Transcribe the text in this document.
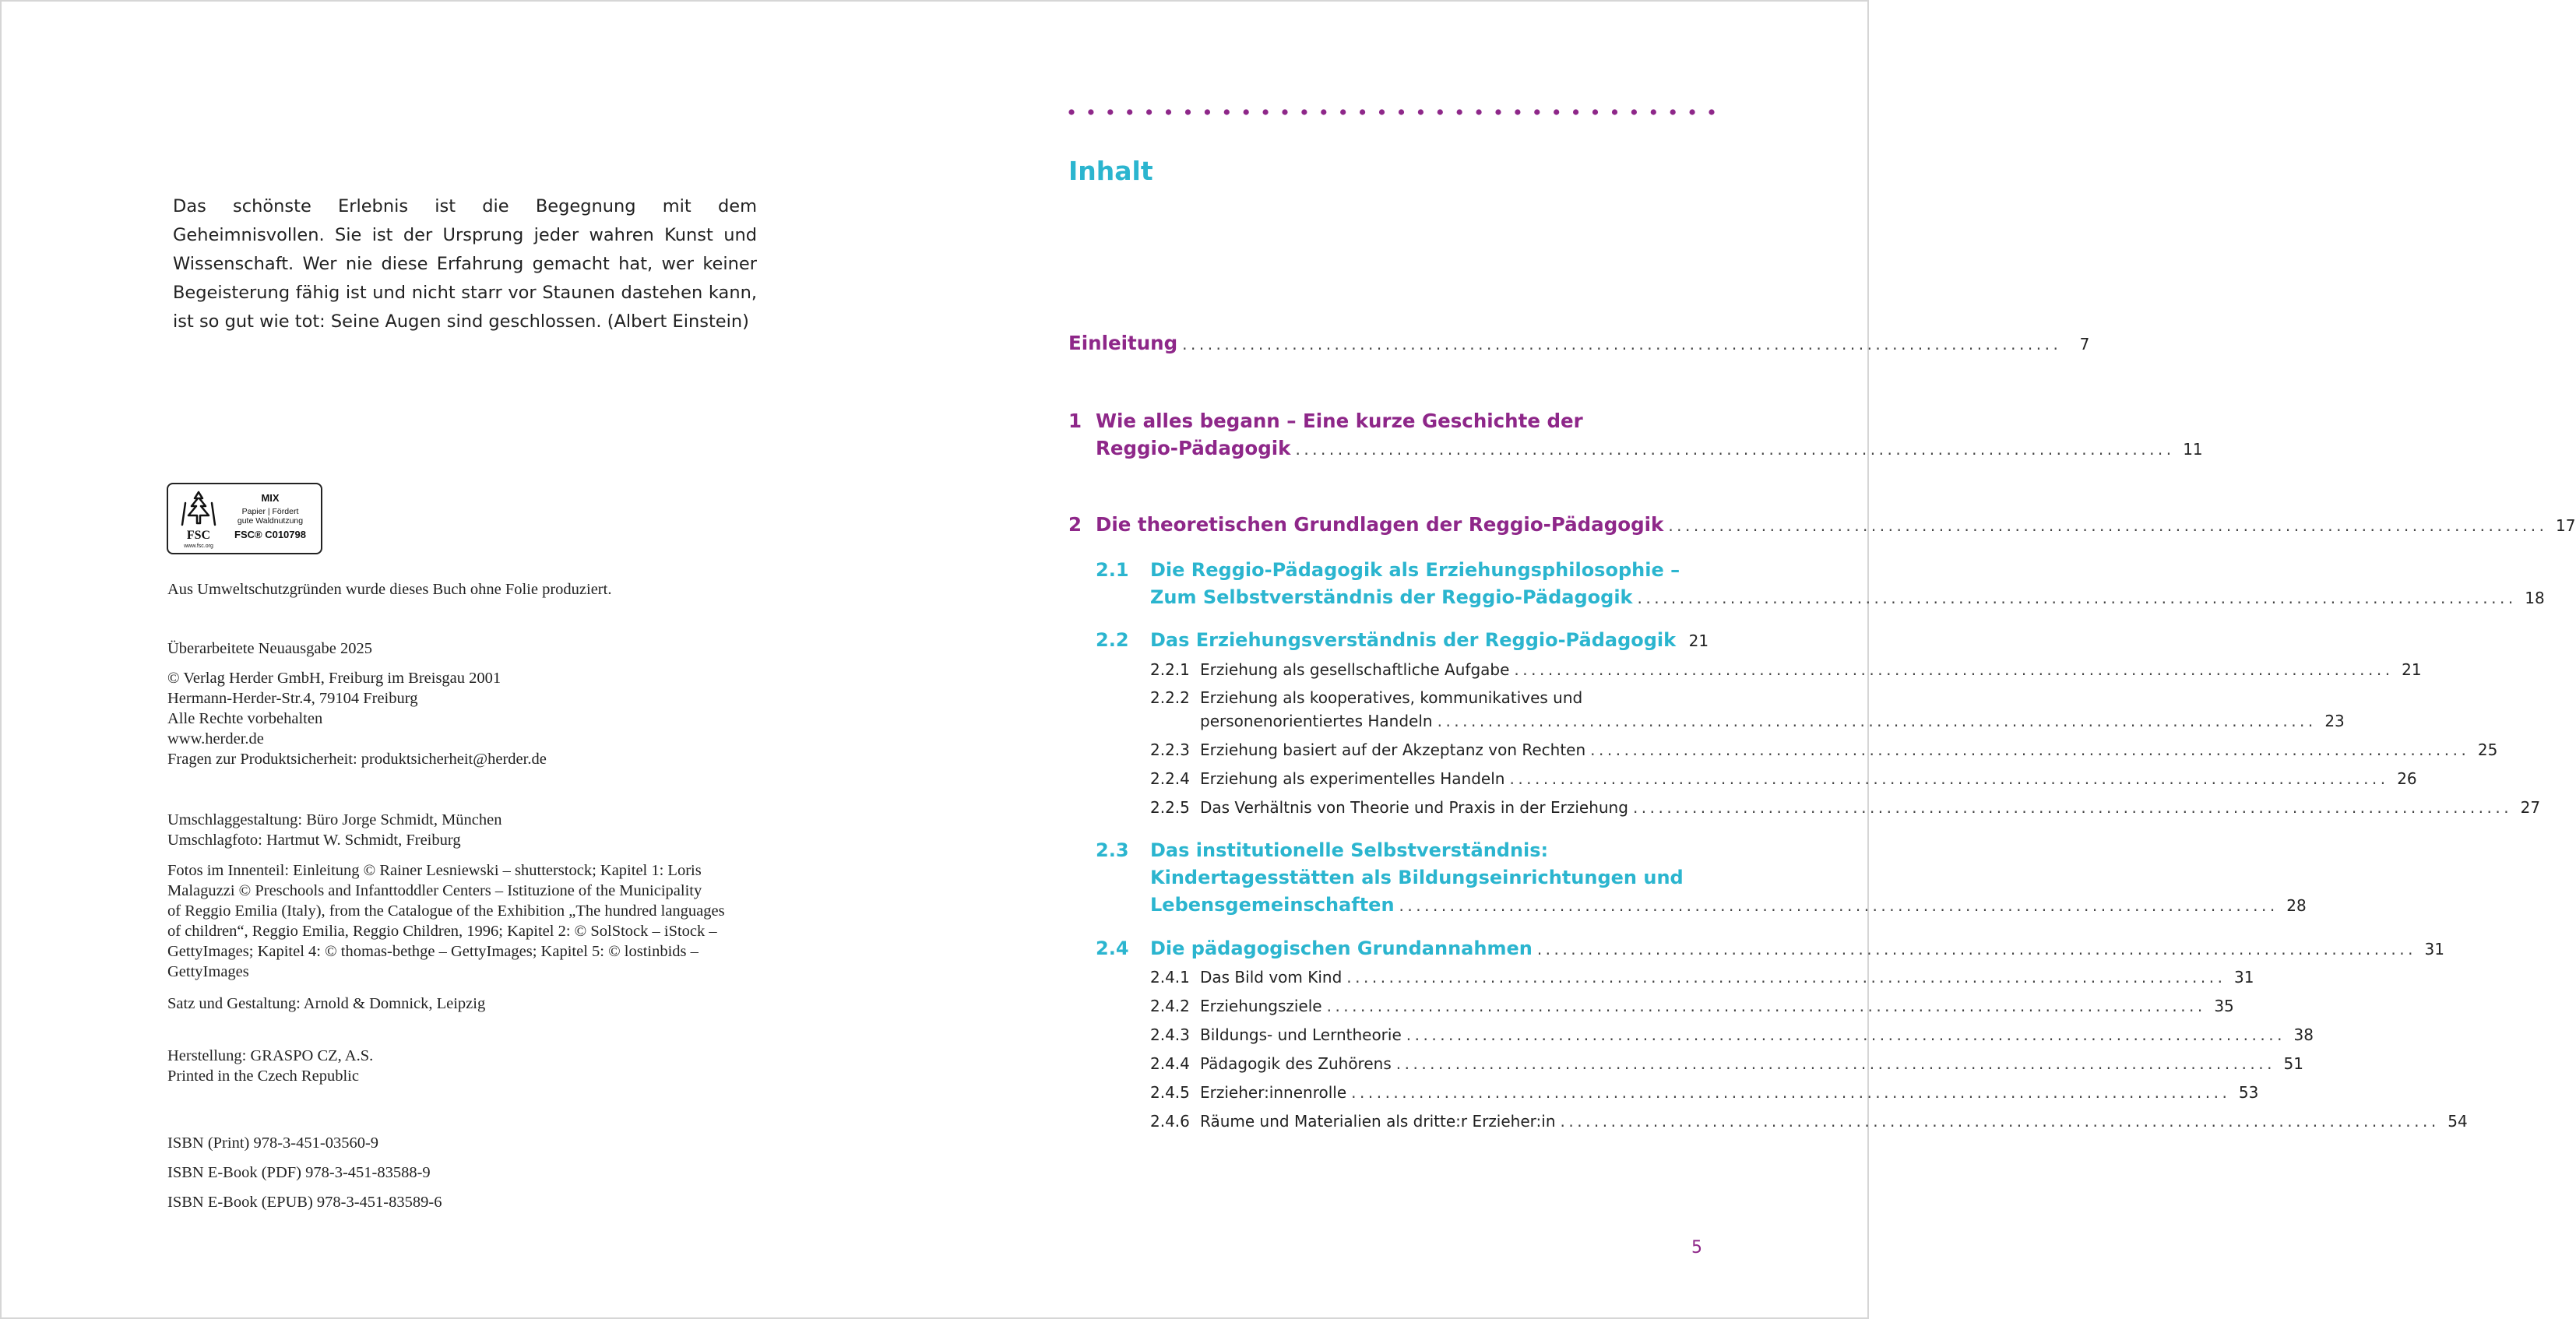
Das schönste Erlebnis ist die Begegnung mit dem Geheimnisvollen. Sie ist der Ursprung jeder wahren Kunst und Wissenschaft. Wer nie diese Erfahrung gemacht hat, wer keiner Begeisterung fähig ist und nicht starr vor Staunen dastehen kann, ist so gut wie tot: Seine Augen sind geschlossen. (Albert Einstein)
FSC
www.fsc.org
MIX
Papier | Fördert
gute Waldnutzung
FSC® C010798
Aus Umweltschutzgründen wurde dieses Buch ohne Folie produziert.
Überarbeitete Neuausgabe 2025
© Verlag Herder GmbH, Freiburg im Breisgau 2001
Hermann-Herder-Str.4, 79104 Freiburg
Alle Rechte vorbehalten
www.herder.de
Fragen zur Produktsicherheit: produktsicherheit@herder.de
Umschlaggestaltung: Büro Jorge Schmidt, München
Umschlagfoto: Hartmut W. Schmidt, Freiburg
Fotos im Innenteil: Einleitung © Rainer Lesniewski – shutterstock; Kapitel 1: Loris
Malaguzzi © Preschools and Infanttoddler Centers – Istituzione of the Municipality
of Reggio Emilia (Italy), from the Catalogue of the Exhibition „The hundred languages
of children“, Reggio Emilia, Reggio Children, 1996; Kapitel 2: © SolStock – iStock –
GettyImages; Kapitel 4: © thomas-bethge – GettyImages; Kapitel 5: © lostinbids –
GettyImages
Satz und Gestaltung: Arnold & Domnick, Leipzig
Herstellung: GRASPO CZ, A.S.
Printed in the Czech Republic
ISBN (Print) 978-3-451-03560-9
ISBN E-Book (PDF) 978-3-451-83588-9
ISBN E-Book (EPUB) 978-3-451-83589-6
Inhalt
Einleitung ........................................................................................................	7
1 Wie alles begann – Eine kurze Geschichte der
Reggio-Pädagogik ........................................................................................................ 11
2 Die theoretischen Grundlagen der Reggio-Pädagogik ........................................................................................................ 17
2.1 Die Reggio-Pädagogik als Erziehungsphilosophie –
Zum Selbstverständnis der Reggio-Pädagogik ........................................................................................................ 18
2.2 Das Erziehungsverständnis der Reggio-Pädagogik 21
2.2.1 Erziehung als gesellschaftliche Aufgabe ........................................................................................................ 21
2.2.2 Erziehung als kooperatives, kommunikatives und
personenorientiertes Handeln ........................................................................................................ 23
2.2.3 Erziehung basiert auf der Akzeptanz von Rechten ........................................................................................................ 25
2.2.4 Erziehung als experimentelles Handeln ........................................................................................................ 26
2.2.5 Das Verhältnis von Theorie und Praxis in der Erziehung ........................................................................................................ 27
2.3 Das institutionelle Selbstverständnis:
Kindertagesstätten als Bildungseinrichtungen und
Lebensgemeinschaften ........................................................................................................ 28
2.4 Die pädagogischen Grundannahmen ........................................................................................................ 31
2.4.1 Das Bild vom Kind ........................................................................................................ 31
2.4.2 Erziehungsziele ........................................................................................................ 35
2.4.3 Bildungs- und Lerntheorie ........................................................................................................ 38
2.4.4 Pädagogik des Zuhörens ........................................................................................................ 51
2.4.5 Erzieher:innenrolle ........................................................................................................ 53
2.4.6 Räume und Materialien als dritte:r Erzieher:in ........................................................................................................ 54
5
